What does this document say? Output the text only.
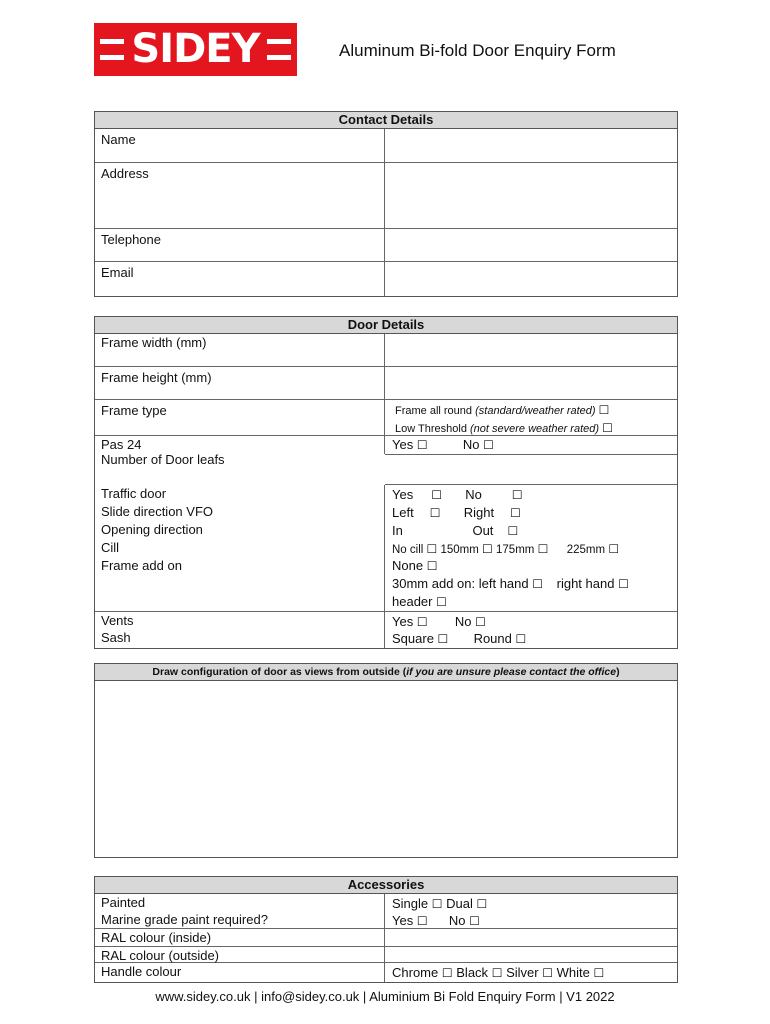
SIDEY	Aluminum Bi-fold Door Enquiry Form
Contact Details
Name
Address
Telephone
Email
Door Details
Frame width (mm)
Frame height (mm)
Frame type	Frame all round (standard/weather rated) ☐
Low Threshold (not severe weather rated) ☐
Pas 24	Yes ☐	No ☐
Number of Door leafs
Traffic door	Yes ☐ No	☐
Slide direction VFO	Left ☐ Right ☐
Opening direction	In	Out ☐
Cill	No cill ☐ 150mm ☐ 175mm ☐ 225mm ☐
Frame add on	None ☐
30mm add on: left hand ☐ right hand ☐
header ☐
Vents	Yes ☐ No ☐
Sash	Square ☐ Round ☐
Draw configuration of door as views from outside (if you are unsure please contact the office)
Accessories
Painted	Single ☐ Dual ☐
Marine grade paint required?	Yes ☐ No ☐
RAL colour (inside)
RAL colour (outside)
Handle colour	Chrome ☐ Black ☐ Silver ☐ White ☐
www.sidey.co.uk | info@sidey.co.uk | Aluminium Bi Fold Enquiry Form | V1 2022
